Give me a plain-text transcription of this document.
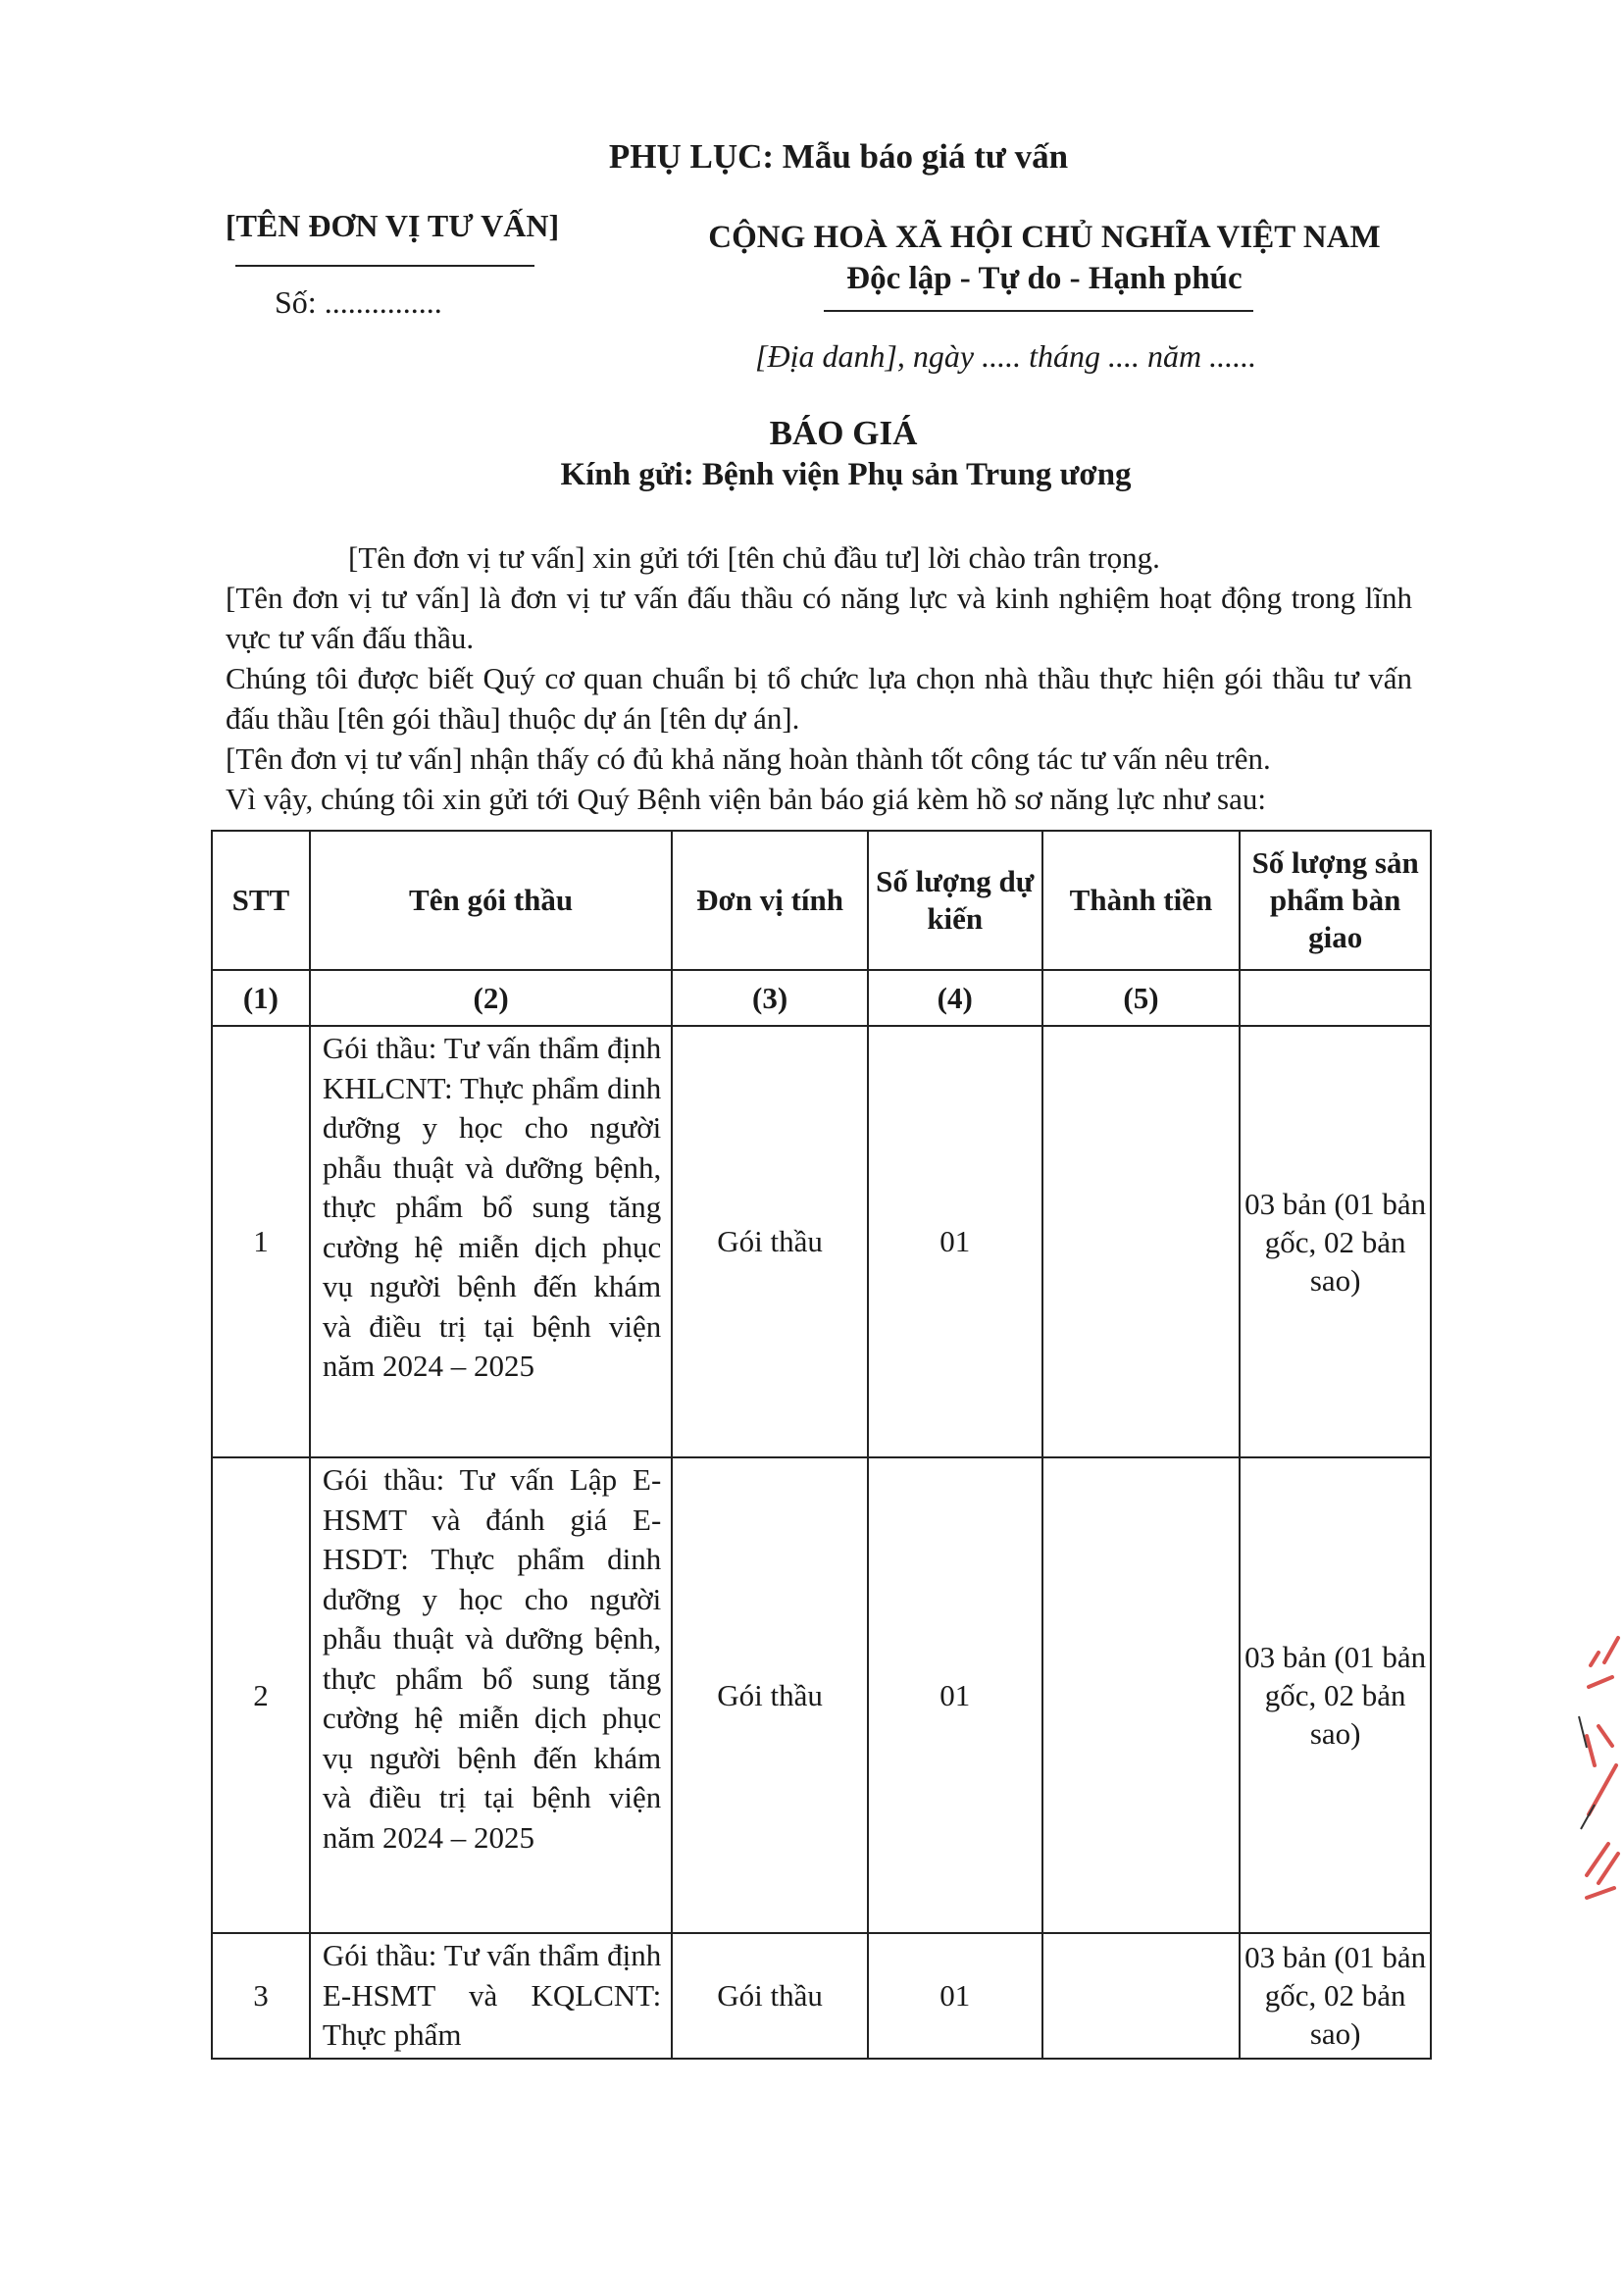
PHỤ LỤC: Mẫu báo giá tư vấn
[TÊN ĐƠN VỊ TƯ VẤN]
Số: ...............
CỘNG HOÀ XÃ HỘI CHỦ NGHĨA VIỆT NAM
Độc lập - Tự do - Hạnh phúc
[Địa danh], ngày ..... tháng .... năm ......
BÁO GIÁ
Kính gửi: Bệnh viện Phụ sản Trung ương

[Tên đơn vị tư vấn] xin gửi tới [tên chủ đầu tư] lời chào trân trọng.

[Tên đơn vị tư vấn] là đơn vị tư vấn đấu thầu có năng lực và kinh nghiệm hoạt động trong lĩnh vực tư vấn đấu thầu.

Chúng tôi được biết Quý cơ quan chuẩn bị tổ chức lựa chọn nhà thầu thực hiện gói thầu tư vấn đấu thầu [tên gói thầu] thuộc dự án [tên dự án].

[Tên đơn vị tư vấn] nhận thấy có đủ khả năng hoàn thành tốt công tác tư vấn nêu trên.

Vì vậy, chúng tôi xin gửi tới Quý Bệnh viện bản báo giá kèm hồ sơ năng lực như sau:

STT	Tên gói thầu	Đơn vị tính	Số lượng dự kiến	Thành tiền	Số lượng sản phẩm bàn giao
(1)	(2)	(3)	(4)	(5)	
1	Gói thầu: Tư vấn thẩm định KHLCNT: Thực phẩm dinh dưỡng y học cho người phẫu thuật và dưỡng bệnh, thực phẩm bổ sung tăng cường hệ miễn dịch phục vụ người bệnh đến khám và điều trị tại bệnh viện năm 2024 – 2025	Gói thầu	01		03 bản (01 bản gốc, 02 bản sao)
2	Gói thầu: Tư vấn Lập E-HSMT và đánh giá E-HSDT: Thực phẩm dinh dưỡng y học cho người phẫu thuật và dưỡng bệnh, thực phẩm bổ sung tăng cường hệ miễn dịch phục vụ người bệnh đến khám và điều trị tại bệnh viện năm 2024 – 2025	Gói thầu	01		03 bản (01 bản gốc, 02 bản sao)
3	Gói thầu: Tư vấn thẩm định E-HSMT và KQLCNT: Thực phẩm	Gói thầu	01		03 bản (01 bản gốc, 02 bản sao)
